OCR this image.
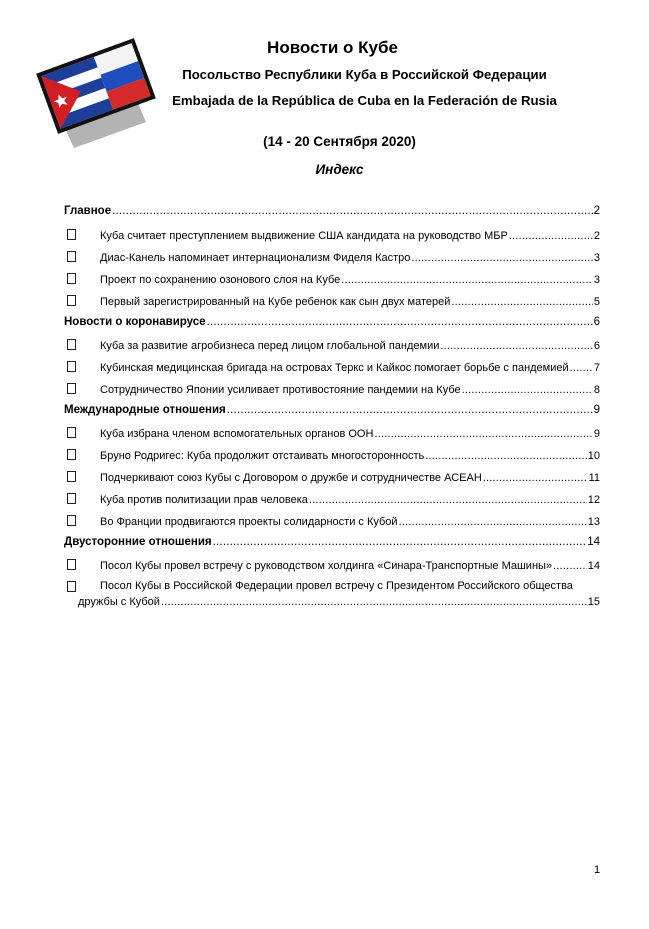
Новости о Кубе
Посольство Республики Куба в Российской Федерации
Embajada de la República de Cuba en la Federación de Rusia
(14 - 20 Сентября 2020)
Индекс
Главное .....	2
Куба считает преступлением выдвижение США кандидата на руководство МБР .....	2
Диас-Канель напоминает интернационализм Фиделя Кастро .....	3
Проект по сохранению озонового слоя на Кубе .....	3
Первый зарегистрированный на Кубе ребенок как сын двух матерей .....	5
Новости о коронавирусе .....	6
Куба за развитие агробизнеса перед лицом глобальной пандемии .....	6
Кубинская медицинская бригада на островах Теркс и Кайкос помогает борьбе с пандемией ..... 7
Сотрудничество Японии усиливает противостояние пандемии на Кубе .....	8
Международные отношения .....	9
Куба избрана членом вспомогательных органов ООН .....	9
Бруно Родригес: Куба продолжит отстаивать многосторонность .....	10
Подчеркивают союз Кубы с Договором о дружбе и сотрудничестве АСЕАН .....	11
Куба против политизации прав человека .....	12
Во Франции продвигаются проекты солидарности с Кубой .....	13
Двусторонние отношения .....	14
Посол Кубы провел встречу с руководством холдинга «Синара-Транспортные Машины» .....	14
Посол Кубы в Российской Федерации провел встречу с Президентом Российского общества
дружбы с Кубой .....	15
1
